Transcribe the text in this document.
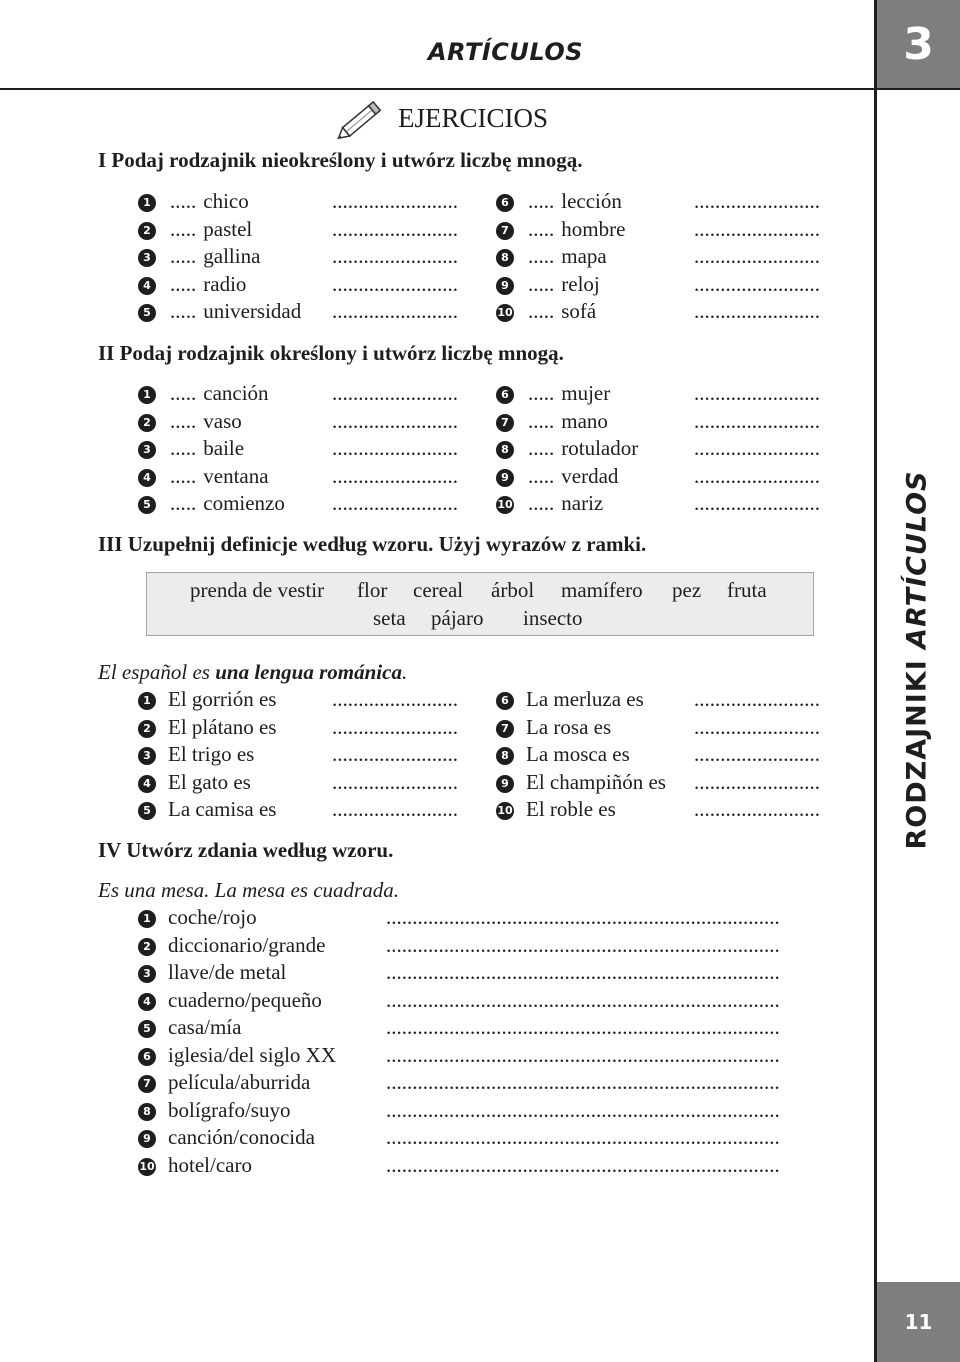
3
RODZAJNIKI ARTÍCULOS
11
ARTÍCULOS
EJERCICIOS
I Podaj rodzajnik nieokreślony i utwórz liczbę mnogą.
1 ..... chico	........................	6 ..... lección	........................
2 ..... pastel	........................	7 ..... hombre	........................
3 ..... gallina	........................	8 ..... mapa	........................
4 ..... radio	........................	9 ..... reloj	........................
5 ..... universidad ........................	10 ..... sofá	........................
II Podaj rodzajnik określony i utwórz liczbę mnogą.
1 ..... canción	........................	6 ..... mujer	........................
2 ..... vaso	........................	7 ..... mano	........................
3 ..... baile	........................	8 ..... rotulador	........................
4 ..... ventana	........................	9 ..... verdad	........................
5 ..... comienzo ........................	10 ..... nariz	........................
III Uzupełnij definicje według wzoru. Użyj wyrazów z ramki.
prenda de vestir flor cereal árbol mamífero pez fruta
seta pájaro insecto
El español es una lengua románica.
1 El gorrión es	........................	6 La merluza es ........................
2 El plátano es	........................	7 La rosa es	........................
3 El trigo es	........................	8 La mosca es	........................
4 El gato es	........................	9 El champiñón es ........................
5 La camisa es	........................	10 El roble es	........................
IV Utwórz zdania według wzoru.
Es una mesa. La mesa es cuadrada.
1 coche/rojo	...........................................................................
2 diccionario/grande	...........................................................................
3 llave/de metal	...........................................................................
4 cuaderno/pequeño	...........................................................................
5 casa/mía	...........................................................................
6 iglesia/del siglo XX ...........................................................................
7 película/aburrida	...........................................................................
8 bolígrafo/suyo	...........................................................................
9 canción/conocida	...........................................................................
10 hotel/caro	...........................................................................
